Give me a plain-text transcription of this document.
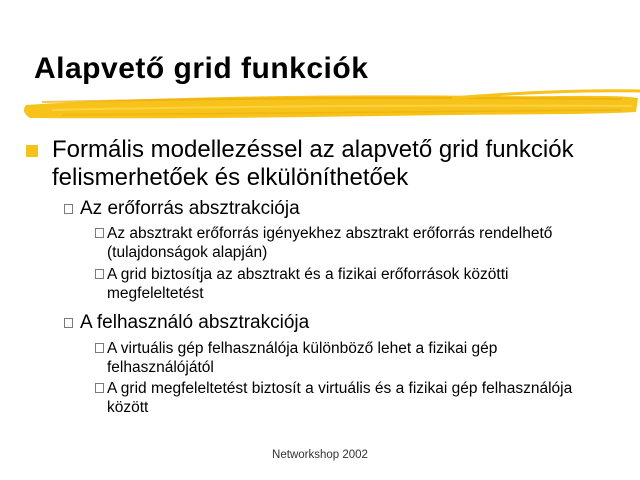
Alapvető grid funkciók
Formális modellezéssel az alapvető grid funkciók felismerhetőek és elkülöníthetőek
Az erőforrás absztrakciója
Az absztrakt erőforrás igényekhez absztrakt erőforrás rendelhető (tulajdonságok alapján)
A grid biztosítja az absztrakt és a fizikai erőforrások közötti megfeleltetést
A felhasználó absztrakciója
A virtuális gép felhasználója különböző lehet a fizikai gép felhasználójától
A grid megfeleltetést biztosít a virtuális és a fizikai gép felhasználója között
Networkshop 2002
